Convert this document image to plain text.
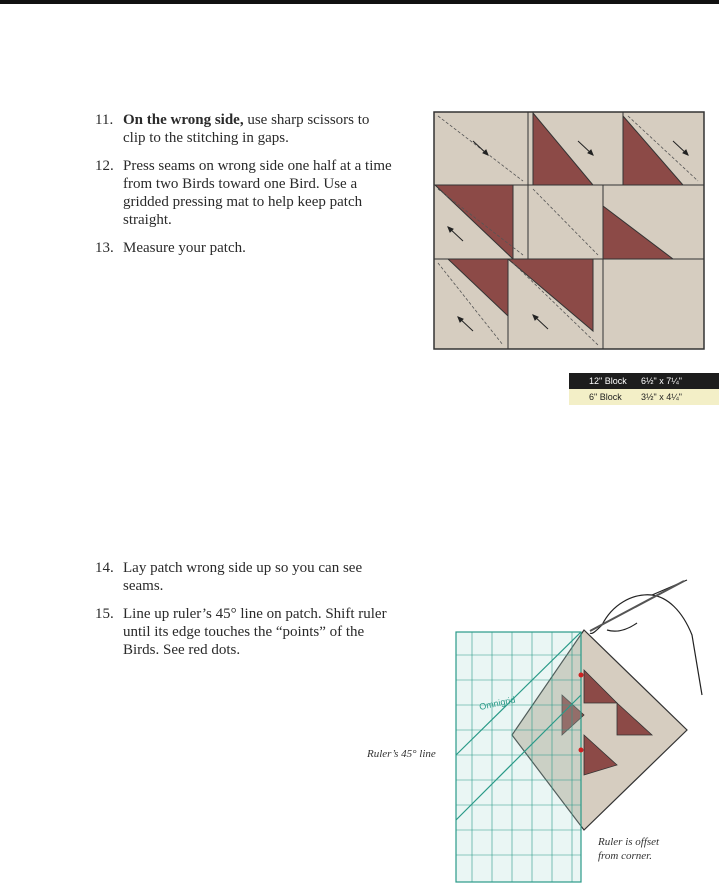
11. On the wrong side, use sharp scissors to clip to the stitching in gaps.
12. Press seams on wrong side one half at a time from two Birds toward one Bird. Use a gridded pressing mat to help keep patch straight.
13. Measure your patch.
12" Block	6½" x 7¼"
6" Block	3½" x 4¼"
14. Lay patch wrong side up so you can see seams.
15. Line up ruler’s 45° line on patch. Shift ruler until its edge touches the “points” of the Birds. See red dots.
Omnigrid
Ruler’s 45° line
Ruler is offset from corner.
